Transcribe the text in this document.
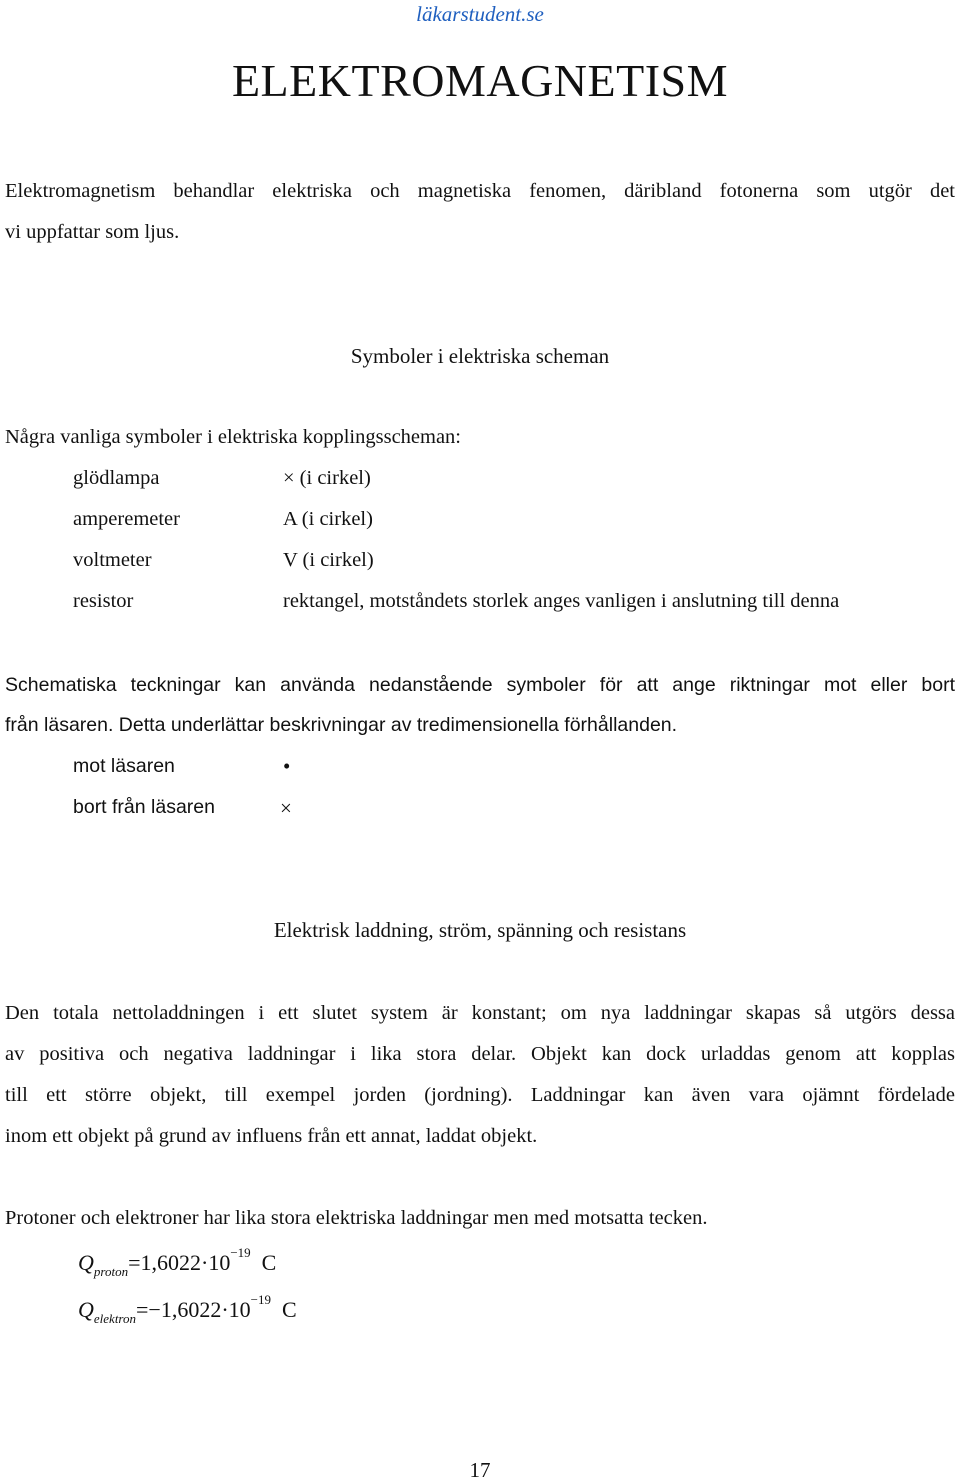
läkarstudent.se
ELEKTROMAGNETISM
Elektromagnetism behandlar elektriska och magnetiska fenomen, däribland fotonerna som utgör det
vi uppfattar som ljus.
Symboler i elektriska scheman
Några vanliga symboler i elektriska kopplingsscheman:
glödlampa	× (i cirkel)
amperemeter	A (i cirkel)
voltmeter	V (i cirkel)
resistor	rektangel, motståndets storlek anges vanligen i anslutning till denna
Schematiska teckningar kan använda nedanstående symboler för att ange riktningar mot eller bort
från läsaren. Detta underlättar beskrivningar av tredimensionella förhållanden.
mot läsaren	•
bort från läsaren	×
Elektrisk laddning, ström, spänning och resistans
Den totala nettoladdningen i ett slutet system är konstant; om nya laddningar skapas så utgörs dessa
av positiva och negativa laddningar i lika stora delar. Objekt kan dock urladdas genom att kopplas
till ett större objekt, till exempel jorden (jordning). Laddningar kan även vara ojämnt fördelade
inom ett objekt på grund av influens från ett annat, laddat objekt.
Protoner och elektroner har lika stora elektriska laddningar men med motsatta tecken.
$Q_{proton}=1,6022\cdot 10^{-19}$ C
$Q_{elektron}=-1,6022\cdot 10^{-19}$ C
17
